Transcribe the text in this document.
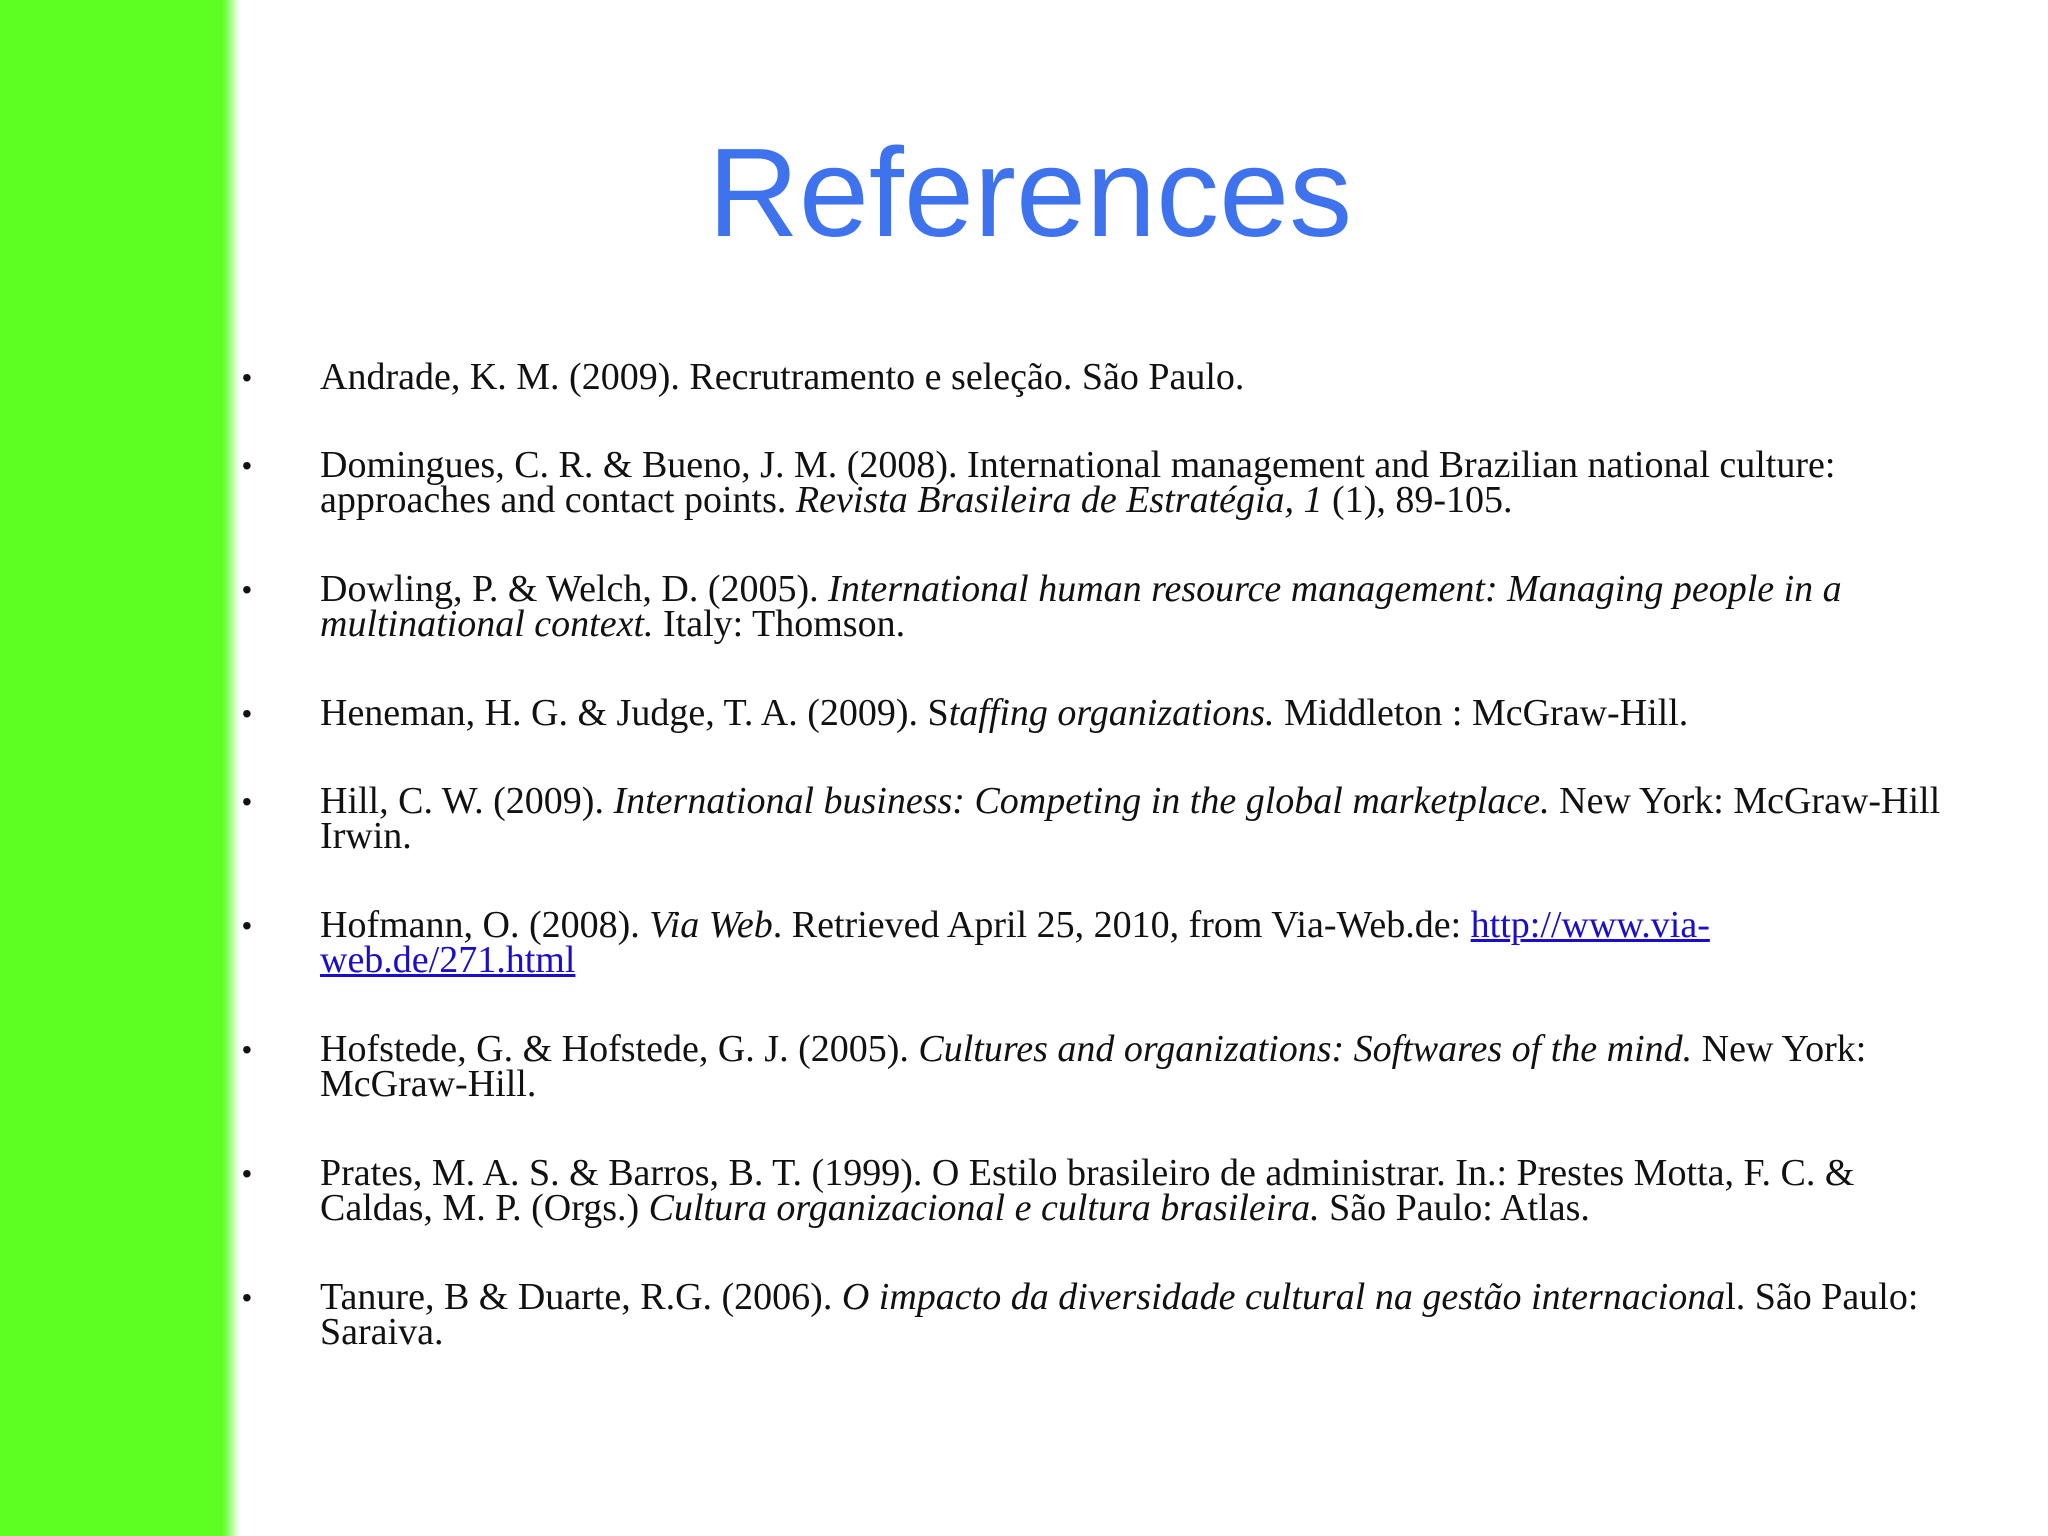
References
• Andrade, K. M. (2009). Recrutramento e seleção. São Paulo.
• Domingues, C. R. & Bueno, J. M. (2008). International management and Brazilian national culture: approaches and contact points. Revista Brasileira de Estratégia, 1 (1), 89-105.
• Dowling, P. & Welch, D. (2005). International human resource management: Managing people in a multinational context. Italy: Thomson.
• Heneman, H. G. & Judge, T. A. (2009). Staffing organizations. Middleton : McGraw-Hill.
• Hill, C. W. (2009). International business: Competing in the global marketplace. New York: McGraw-Hill Irwin.
• Hofmann, O. (2008). Via Web. Retrieved April 25, 2010, from Via-Web.de: http://www.via-web.de/271.html
• Hofstede, G. & Hofstede, G. J. (2005). Cultures and organizations: Softwares of the mind. New York: McGraw-Hill.
• Prates, M. A. S. & Barros, B. T. (1999). O Estilo brasileiro de administrar. In.: Prestes Motta, F. C. & Caldas, M. P. (Orgs.) Cultura organizacional e cultura brasileira. São Paulo: Atlas.
• Tanure, B & Duarte, R.G. (2006). O impacto da diversidade cultural na gestão internacional. São Paulo: Saraiva.
